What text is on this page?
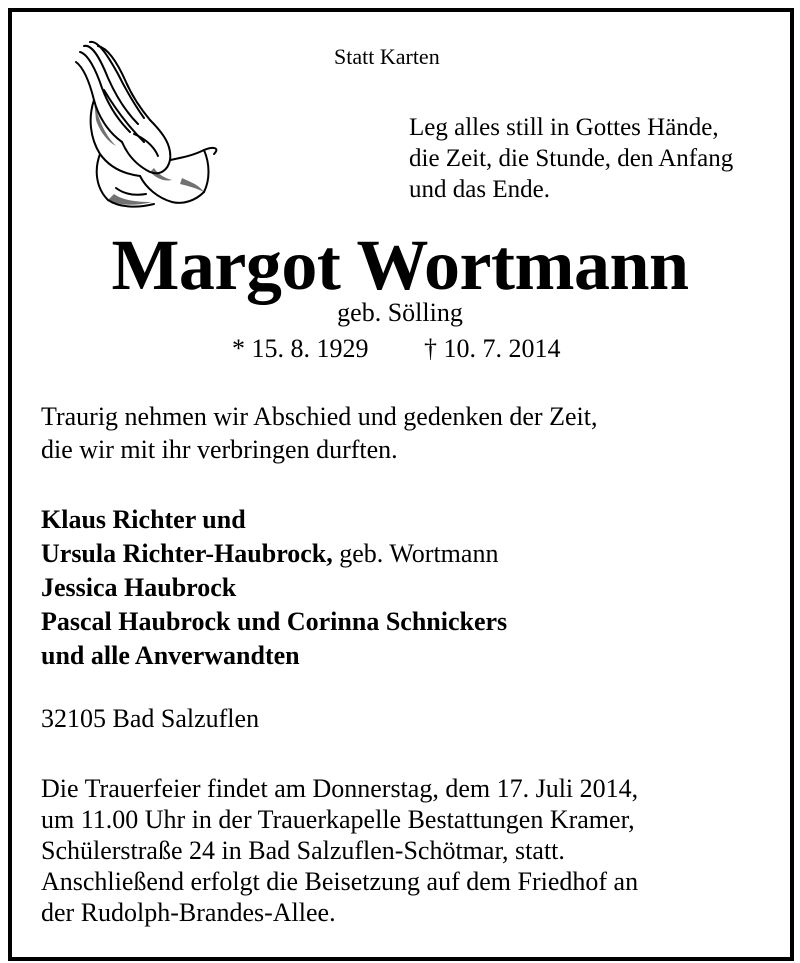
Statt Karten
Leg alles still in Gottes Hände,
die Zeit, die Stunde, den Anfang
und das Ende.
Margot Wortmann
geb. Sölling
* 15. 8. 1929 † 10. 7. 2014
Traurig nehmen wir Abschied und gedenken der Zeit,
die wir mit ihr verbringen durften.
Klaus Richter und
Ursula Richter-Haubrock, geb. Wortmann
Jessica Haubrock
Pascal Haubrock und Corinna Schnickers
und alle Anverwandten
32105 Bad Salzuflen
Die Trauerfeier findet am Donnerstag, dem 17. Juli 2014,
um 11.00 Uhr in der Trauerkapelle Bestattungen Kramer,
Schülerstraße 24 in Bad Salzuflen-Schötmar, statt.
Anschließend erfolgt die Beisetzung auf dem Friedhof an
der Rudolph-Brandes-Allee.
